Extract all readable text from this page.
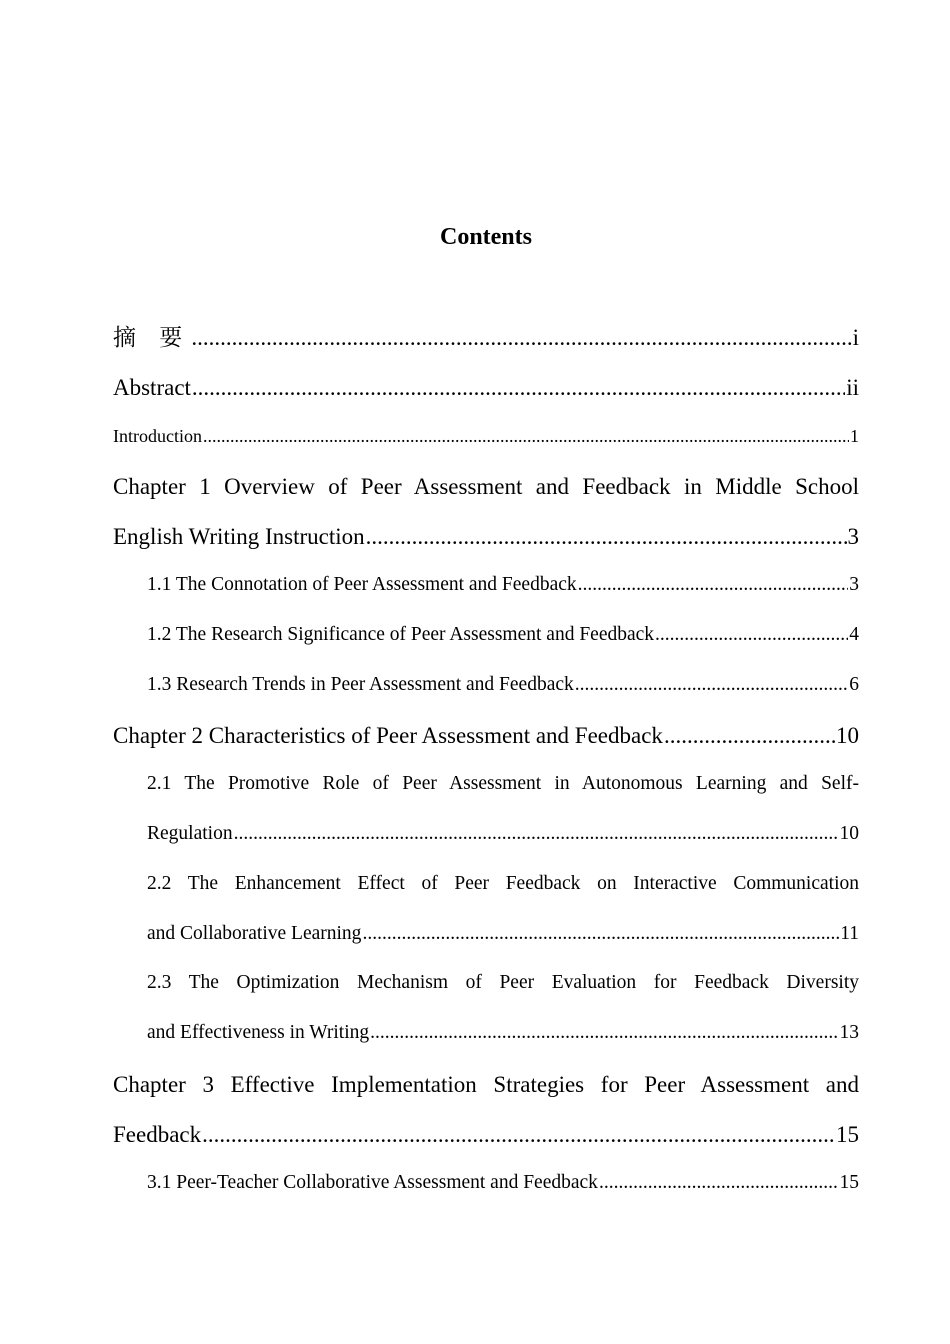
Contents
摘 要 .....	i
Abstract .....	ii
Introduction .....	1
Chapter 1 Overview of Peer Assessment and Feedback in Middle School
English Writing Instruction .....	3
1.1 The Connotation of Peer Assessment and Feedback .....	3
1.2 The Research Significance of Peer Assessment and Feedback .....	4
1.3 Research Trends in Peer Assessment and Feedback .....	6
Chapter 2 Characteristics of Peer Assessment and Feedback .....	10
2.1 The Promotive Role of Peer Assessment in Autonomous Learning and Self-
Regulation .....	10
2.2 The Enhancement Effect of Peer Feedback on Interactive Communication
and Collaborative Learning .....	11
2.3 The Optimization Mechanism of Peer Evaluation for Feedback Diversity
and Effectiveness in Writing .....	13
Chapter 3 Effective Implementation Strategies for Peer Assessment and
Feedback .....	15
3.1 Peer-Teacher Collaborative Assessment and Feedback .....	15
